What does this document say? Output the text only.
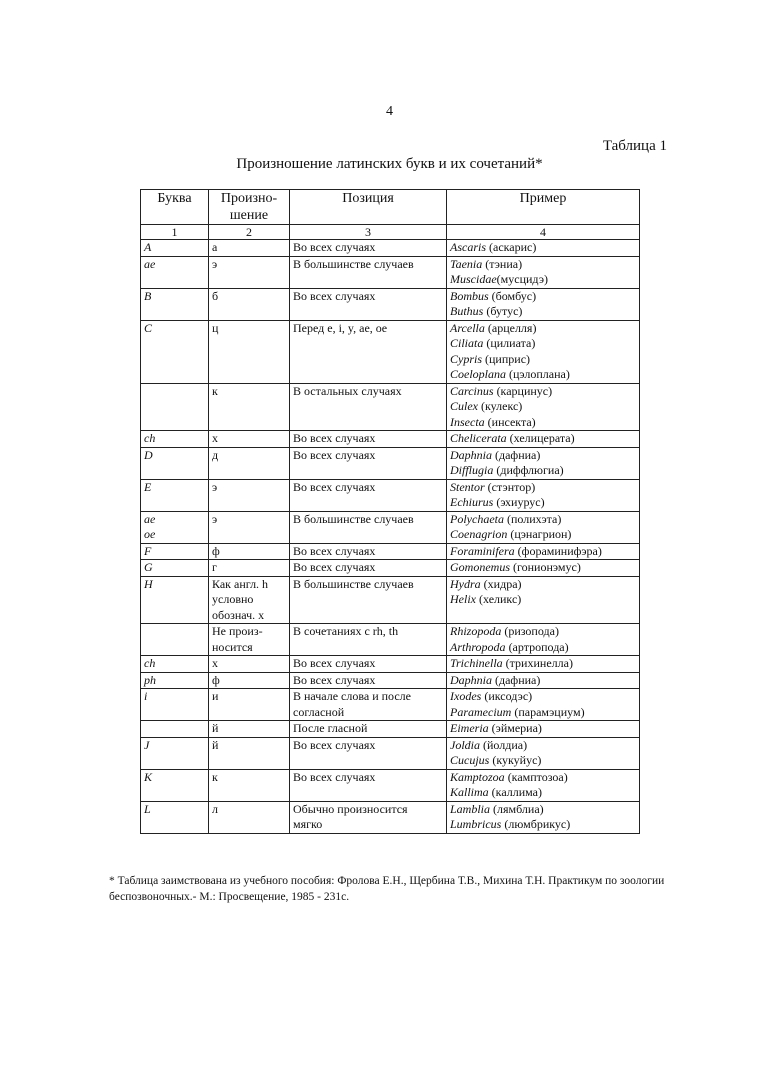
4
Таблица 1
Произношение латинских букв и их сочетаний*
Буква	Произно-шение	Позиция	Пример
1	2	3	4
A	а	Во всех случаях	Ascaris (аскарис)

ae	э	В большинстве случаев	Taenia (тэниа)
Muscidae(мусцидэ)

B	б	Во всех случаях	Bombus (бомбус)
Buthus (бутус)

C	ц	Перед e, i, y, ae, oe	Arcella (арцелля)
Ciliata (цилиата)
Cypris (циприс)
Coeloplana (цэлоплана)

	к	В остальных случаях	Carcinus (карцинус)
Culex (кулекс)
Insecta (инсекта)

ch	х	Во всех случаях	Chelicerata (хелицерата)

D	д	Во всех случаях	Daphnia (дафниа)
Difflugia (диффлюгиа)

E	э	Во всех случаях	Stentor (стэнтор)
Echiurus (эхиурус)

ae
oe	э	В большинстве случаев	Polychaeta (полихэта)
Coenagrion (цэнагрион)

F	ф	Во всех случаях	Foraminifera (фораминифэра)

G	г	Во всех случаях	Gomonemus (гонионэмус)

H	Как англ. h
условно
обознач. х	В большинстве случаев	Hydra (хидра)
Helix (хеликс)

	Не произ-
носится	В сочетаниях с rh, th	Rhizopoda (ризопода)
Arthropoda (артропода)

ch	х	Во всех случаях	Trichinella (трихинелла)

ph	ф	Во всех случаях	Daphnia (дафниа)

i	и	В начале слова и после
согласной	Ixodes (иксодэс)
Paramecium (парамэциум)

	й	После гласной	Eimeria (эймериа)

J	й	Во всех случаях	Joldia (йолдиа)
Cucujus (кукуйус)

K	к	Во всех случаях	Kamptozoa (камптозоа)
Kallima (каллима)

L	л	Обычно произносится
мягко	Lamblia (лямблиа)
Lumbricus (люмбрикус)
* Таблица заимствована из учебного пособия: Фролова Е.Н., Щербина Т.В., Михина Т.Н. Практикум по зоологии беспозвоночных.- М.: Просвещение, 1985 - 231с.
